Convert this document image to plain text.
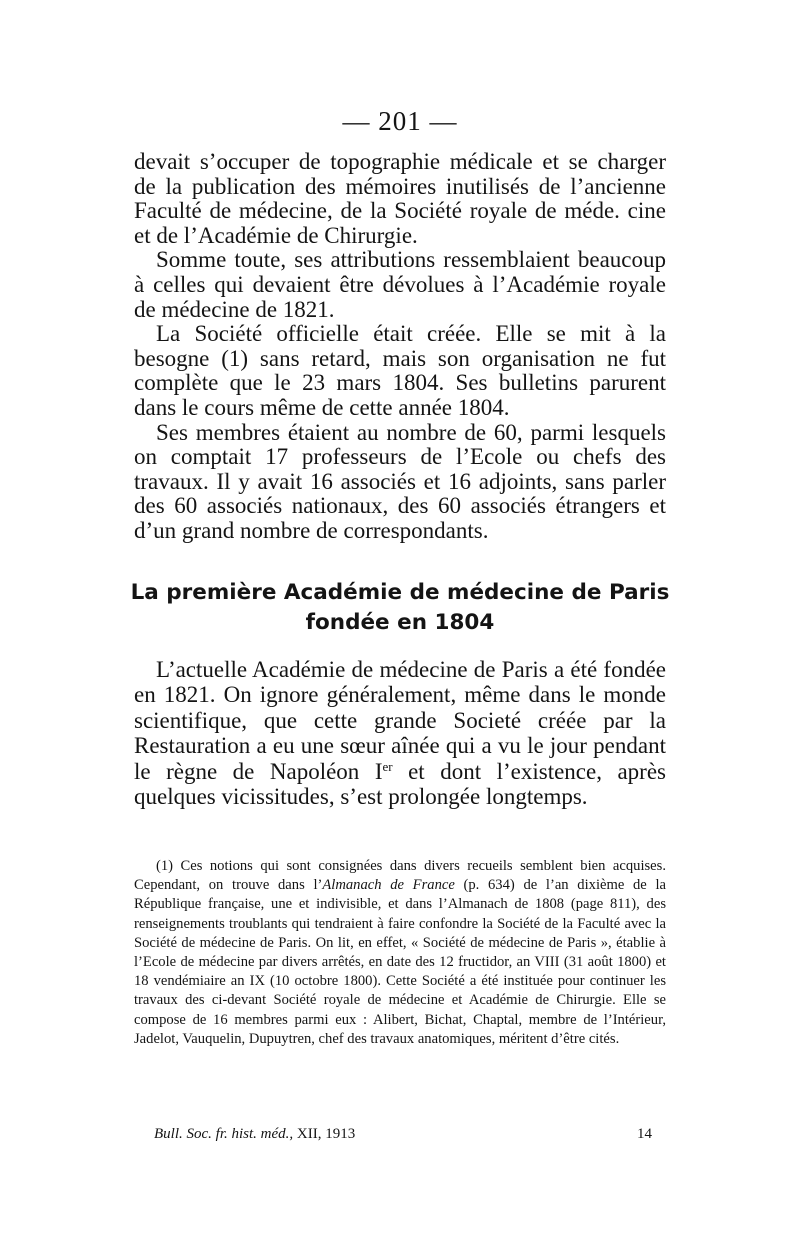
— 201 —

devait s’occuper de topographie médicale et se charger de la publication des mémoires inutilisés de l’ancienne Faculté de médecine, de la Société royale de méde. cine et de l’Académie de Chirurgie.

Somme toute, ses attributions ressemblaient beaucoup à celles qui devaient être dévolues à l’Académie royale de médecine de 1821.

La Société officielle était créée. Elle se mit à la besogne (1) sans retard, mais son organisation ne fut complète que le 23 mars 1804. Ses bulletins parurent dans le cours même de cette année 1804.

Ses membres étaient au nombre de 60, parmi lesquels on comptait 17 professeurs de l’Ecole ou chefs des travaux. Il y avait 16 associés et 16 adjoints, sans parler des 60 associés nationaux, des 60 associés étrangers et d’un grand nombre de correspondants.

La première Académie de médecine de Paris
fondée en 1804

L’actuelle Académie de médecine de Paris a été fondée en 1821. On ignore généralement, même dans le monde scientifique, que cette grande Societé créée par la Restauration a eu une sœur aînée qui a vu le jour pendant le règne de Napoléon Ier et dont l’existence, après quelques vicissitudes, s’est prolongée longtemps.

(1) Ces notions qui sont consignées dans divers recueils semblent bien acquises. Cependant, on trouve dans l’Almanach de France (p. 634) de l’an dixième de la République française, une et indivisible, et dans l’Almanach de 1808 (page 811), des renseignements troublants qui tendraient à faire confondre la Société de la Faculté avec la Société de médecine de Paris. On lit, en effet, « Société de médecine de Paris », établie à l’Ecole de médecine par divers arrêtés, en date des 12 fructidor, an VIII (31 août 1800) et 18 vendémiaire an IX (10 octobre 1800). Cette Société a été instituée pour continuer les travaux des ci-devant Société royale de médecine et Académie de Chirurgie. Elle se compose de 16 membres parmi eux : Alibert, Bichat, Chaptal, membre de l’Intérieur, Jadelot, Vauquelin, Dupuytren, chef des travaux anatomiques, méritent d’être cités.

Bull. Soc. fr. hist. méd., XII, 1913	14
